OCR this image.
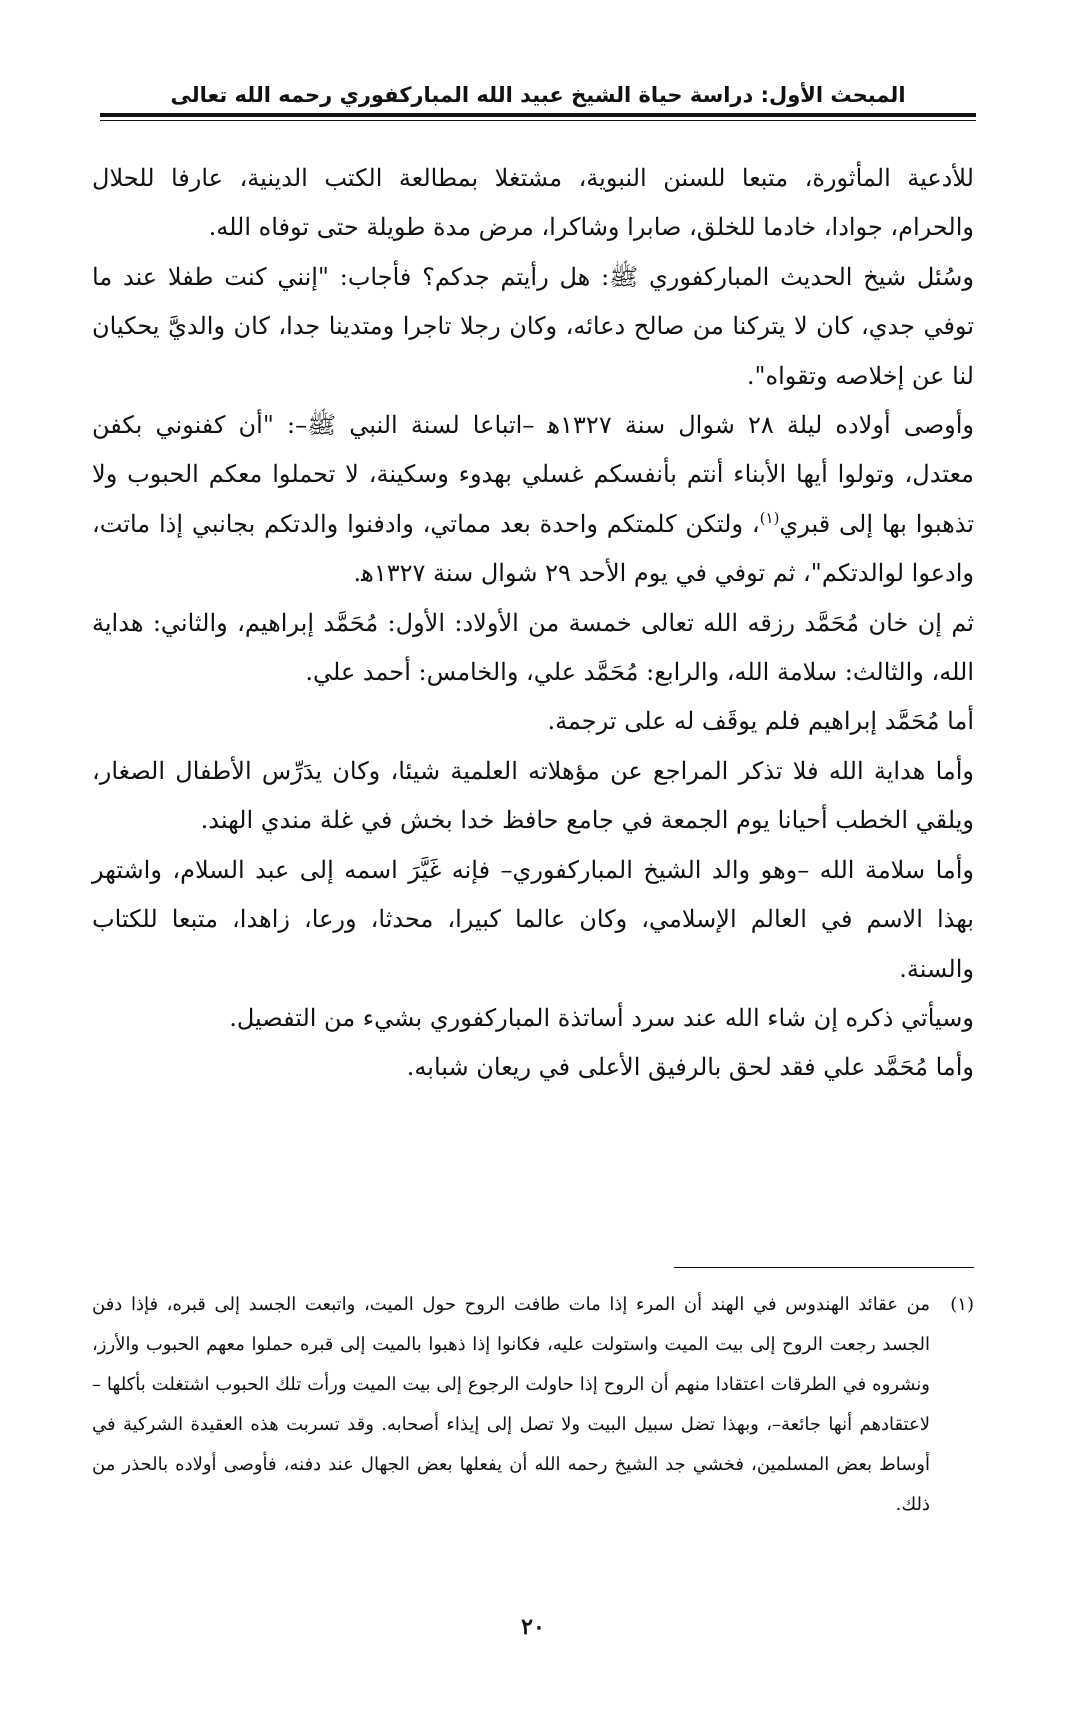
المبحث الأول: دراسة حياة الشيخ عبيد الله المباركفوري رحمه الله تعالى

للأدعية المأثورة، متبعا للسنن النبوية، مشتغلا بمطالعة الكتب الدينية، عارفا للحلال والحرام، جوادا، خادما للخلق، صابرا وشاكرا، مرض مدة طويلة حتى توفاه الله.

وسُئل شيخ الحديث المباركفوري ﷺ: هل رأيتم جدكم؟ فأجاب: "إنني كنت طفلا عند ما توفي جدي، كان لا يتركنا من صالح دعائه، وكان رجلا تاجرا ومتدينا جدا، كان والديَّ يحكيان لنا عن إخلاصه وتقواه".

وأوصى أولاده ليلة ٢٨ شوال سنة ١٣٢٧ﻫ –اتباعا لسنة النبي ﷺ–: "أن كفنوني بكفن معتدل، وتولوا أيها الأبناء أنتم بأنفسكم غسلي بهدوء وسكينة، لا تحملوا معكم الحبوب ولا تذهبوا بها إلى قبري$^{(١)}$، ولتكن كلمتكم واحدة بعد مماتي، وادفنوا والدتكم بجانبي إذا ماتت، وادعوا لوالدتكم"، ثم توفي في يوم الأحد ٢٩ شوال سنة ١٣٢٧ﻫ.

ثم إن خان مُحَمَّد رزقه الله تعالى خمسة من الأولاد: الأول: مُحَمَّد إبراهيم، والثاني: هداية الله، والثالث: سلامة الله، والرابع: مُحَمَّد علي، والخامس: أحمد علي.

أما مُحَمَّد إبراهيم فلم يوقَف له على ترجمة.

وأما هداية الله فلا تذكر المراجع عن مؤهلاته العلمية شيئا، وكان يدَرِّس الأطفال الصغار، ويلقي الخطب أحيانا يوم الجمعة في جامع حافظ خدا بخش في غلة مندي الهند.

وأما سلامة الله –وهو والد الشيخ المباركفوري– فإنه غَيَّرَ اسمه إلى عبد السلام، واشتهر بهذا الاسم في العالم الإسلامي، وكان عالما كبيرا، محدثا، ورعا، زاهدا، متبعا للكتاب والسنة.

وسيأتي ذكره إن شاء الله عند سرد أساتذة المباركفوري بشيء من التفصيل.

وأما مُحَمَّد علي فقد لحق بالرفيق الأعلى في ريعان شبابه.

(١)
من عقائد الهندوس في الهند أن المرء إذا مات طافت الروح حول الميت، واتبعت الجسد إلى قبره، فإذا دفن الجسد رجعت الروح إلى بيت الميت واستولت عليه، فكانوا إذا ذهبوا بالميت إلى قبره حملوا معهم الحبوب والأرز، ونشروه في الطرقات اعتقادا منهم أن الروح إذا حاولت الرجوع إلى بيت الميت ورأت تلك الحبوب اشتغلت بأكلها –لاعتقادهم أنها جائعة–، وبهذا تضل سبيل البيت ولا تصل إلى إيذاء أصحابه. وقد تسربت هذه العقيدة الشركية في أوساط بعض المسلمين، فخشي جد الشيخ رحمه الله أن يفعلها بعض الجهال عند دفنه، فأوصى أولاده بالحذر من ذلك.

٢٠
